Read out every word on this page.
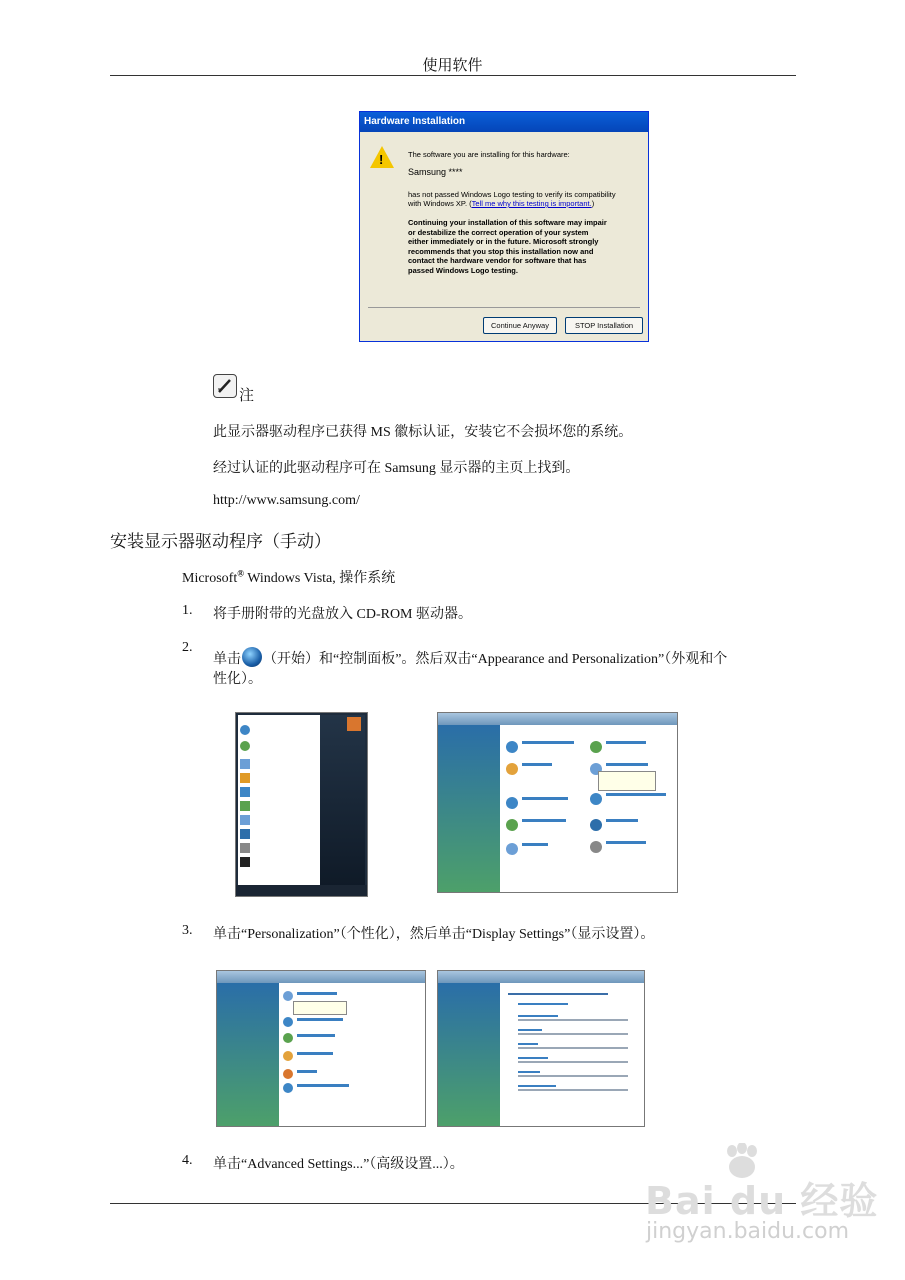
使用软件
Hardware Installation
!	The software you are installing for this hardware:
Samsung ****
has not passed Windows Logo testing to verify its compatibility
with Windows XP. (Tell me why this testing is important.)
Continuing your installation of this software may impair
or destabilize the correct operation of your system
either immediately or in the future. Microsoft strongly
recommends that you stop this installation now and
contact the hardware vendor for software that has
passed Windows Logo testing.
Continue Anyway	STOP Installation
注
此显示器驱动程序已获得 MS 徽标认证，安装它不会损坏您的系统。
经过认证的此驱动程序可在 Samsung 显示器的主页上找到。
http://www.samsung.com/
安装显示器驱动程序（手动）
Microsoft® Windows Vista, 操作系统
1. 将手册附带的光盘放入 CD-ROM 驱动器。
2.
单击 （开始）和“控制面板”。然后双击“Appearance and Personalization”（外观和个
性化）。
3. 单击“Personalization”（个性化），然后单击“Display Settings”（显示设置）。
4. 单击“Advanced Settings...”（高级设置...）。
Bai du 经验
jingyan.baidu.com
